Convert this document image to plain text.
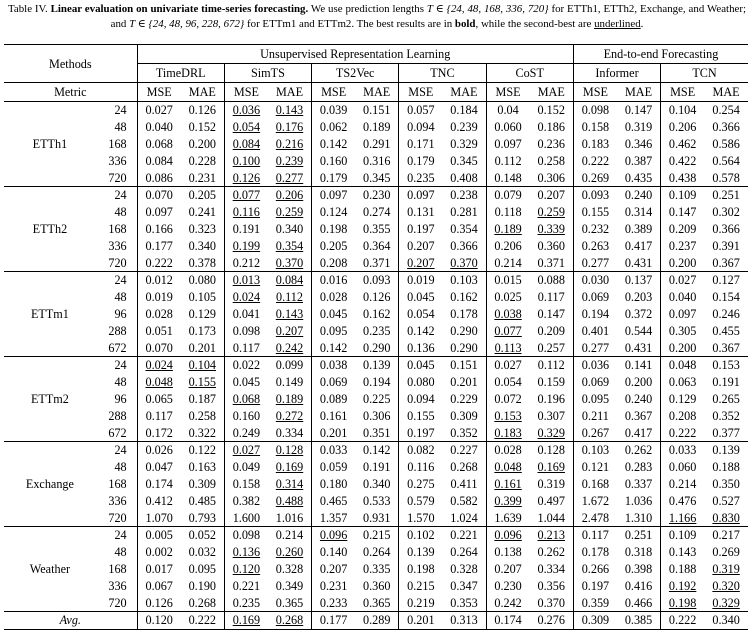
Table IV. Linear evaluation on univariate time-series forecasting. We use prediction lengths T ∈ {24, 48, 168, 336, 720} for ETTh1, ETTh2, Exchange, and Weather; and T ∈ {24, 48, 96, 228, 672} for ETTm1 and ETTm2. The best results are in bold, while the second-best are underlined.
Methods		Unsupervised Representation Learning										End-to-end Forecasting			
		TimeDRL		SimTS		TS2Vec		TNC		CoST		Informer		TCN	
Metric		MSE	MAE	MSE	MAE	MSE	MAE	MSE	MAE	MSE	MAE	MSE	MAE	MSE	MAE
ETTh1	24	0.027	0.126	0.036	0.143	0.039	0.151	0.057	0.184	0.04	0.152	0.098	0.147	0.104	0.254
	48	0.040	0.152	0.054	0.176	0.062	0.189	0.094	0.239	0.060	0.186	0.158	0.319	0.206	0.366
	168	0.068	0.200	0.084	0.216	0.142	0.291	0.171	0.329	0.097	0.236	0.183	0.346	0.462	0.586
	336	0.084	0.228	0.100	0.239	0.160	0.316	0.179	0.345	0.112	0.258	0.222	0.387	0.422	0.564
	720	0.086	0.231	0.126	0.277	0.179	0.345	0.235	0.408	0.148	0.306	0.269	0.435	0.438	0.578
ETTh2	24	0.070	0.205	0.077	0.206	0.097	0.230	0.097	0.238	0.079	0.207	0.093	0.240	0.109	0.251
	48	0.097	0.241	0.116	0.259	0.124	0.274	0.131	0.281	0.118	0.259	0.155	0.314	0.147	0.302
	168	0.166	0.323	0.191	0.340	0.198	0.355	0.197	0.354	0.189	0.339	0.232	0.389	0.209	0.366
	336	0.177	0.340	0.199	0.354	0.205	0.364	0.207	0.366	0.206	0.360	0.263	0.417	0.237	0.391
	720	0.222	0.378	0.212	0.370	0.208	0.371	0.207	0.370	0.214	0.371	0.277	0.431	0.200	0.367
ETTm1	24	0.012	0.080	0.013	0.084	0.016	0.093	0.019	0.103	0.015	0.088	0.030	0.137	0.027	0.127
	48	0.019	0.105	0.024	0.112	0.028	0.126	0.045	0.162	0.025	0.117	0.069	0.203	0.040	0.154
	96	0.028	0.129	0.041	0.143	0.045	0.162	0.054	0.178	0.038	0.147	0.194	0.372	0.097	0.246
	288	0.051	0.173	0.098	0.207	0.095	0.235	0.142	0.290	0.077	0.209	0.401	0.544	0.305	0.455
	672	0.070	0.201	0.117	0.242	0.142	0.290	0.136	0.290	0.113	0.257	0.277	0.431	0.200	0.367
ETTm2	24	0.024	0.104	0.022	0.099	0.038	0.139	0.045	0.151	0.027	0.112	0.036	0.141	0.048	0.153
	48	0.048	0.155	0.045	0.149	0.069	0.194	0.080	0.201	0.054	0.159	0.069	0.200	0.063	0.191
	96	0.065	0.187	0.068	0.189	0.089	0.225	0.094	0.229	0.072	0.196	0.095	0.240	0.129	0.265
	288	0.117	0.258	0.160	0.272	0.161	0.306	0.155	0.309	0.153	0.307	0.211	0.367	0.208	0.352
	672	0.172	0.322	0.249	0.334	0.201	0.351	0.197	0.352	0.183	0.329	0.267	0.417	0.222	0.377
Exchange	24	0.026	0.122	0.027	0.128	0.033	0.142	0.082	0.227	0.028	0.128	0.103	0.262	0.033	0.139
	48	0.047	0.163	0.049	0.169	0.059	0.191	0.116	0.268	0.048	0.169	0.121	0.283	0.060	0.188
	168	0.174	0.309	0.158	0.314	0.180	0.340	0.275	0.411	0.161	0.319	0.168	0.337	0.214	0.350
	336	0.412	0.485	0.382	0.488	0.465	0.533	0.579	0.582	0.399	0.497	1.672	1.036	0.476	0.527
	720	1.070	0.793	1.600	1.016	1.357	0.931	1.570	1.024	1.639	1.044	2.478	1.310	1.166	0.830
Weather	24	0.005	0.052	0.098	0.214	0.096	0.215	0.102	0.221	0.096	0.213	0.117	0.251	0.109	0.217
	48	0.002	0.032	0.136	0.260	0.140	0.264	0.139	0.264	0.138	0.262	0.178	0.318	0.143	0.269
	168	0.017	0.095	0.120	0.328	0.207	0.335	0.198	0.328	0.207	0.334	0.266	0.398	0.188	0.319
	336	0.067	0.190	0.221	0.349	0.231	0.360	0.215	0.347	0.230	0.356	0.197	0.416	0.192	0.320
	720	0.126	0.268	0.235	0.365	0.233	0.365	0.219	0.353	0.242	0.370	0.359	0.466	0.198	0.329
Avg.		0.120	0.222	0.169	0.268	0.177	0.289	0.201	0.313	0.174	0.276	0.309	0.385	0.222	0.340
